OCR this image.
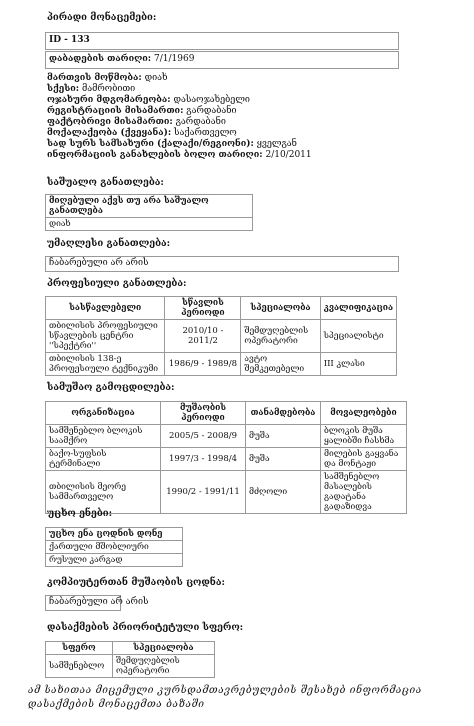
პირადი მონაცემები:
ID - 133
დაბადების თარიღი: 7/1/1969
მართვის მოწმობა: დიახ
სქესი: მამრობითი
ოჯახური მდგომარეობა: დასაოჯახებელი
რეგისტრაციის მისამართი: გარდაბანი
ფაქტობრივი მისამართი: გარდაბანი
მოქალაქეობა (ქვეყანა): საქართველო
სად სურს სამსახური (ქალაქი/რეგიონი): ყველგან
ინფორმაციის განახლების ბოლო თარიღი: 2/10/2011
საშუალო განათლება:
მიღებული აქვს თუ არა საშუალო განათლება
დიახ
უმაღლესი განათლება:
ჩაბარებული არ არის
პროფესიული განათლება:
სასწავლებელი	სწავლის პერიოდი	სპეციალობა	კვალიფიკაცია
თბილისის პროფესიული სწავლების ცენტრი ''სპექტრი''	2010/10 - 2011/2	შემდუღებლის ოპერატორი	სპეციალისტი
თბილისის 138-ე პროფესიული ტექნიკუმი	1986/9 - 1989/8	ავტო შემკეთებელი	III კლასი
სამუშაო გამოცდილება:
ორგანიზაცია	მუშაობის პერიოდი	თანამდებობა	მოვალეობები
სამშენებლო ბლოკის საამქრო	2005/5 - 2008/9	მუშა	ბლოკის მუშა ყალიბში ჩასხმა
ბაქო-სუფსის ტერმინალი	1997/3 - 1998/4	მუშა	მილების გაყვანა და მონტაჟი
თბილისის მეორე სამმართველო	1990/2 - 1991/11	მძღოლი	სამშენებლო მასალების გადატანა გადაზიდვა
უცხო ენები:
უცხო ენა ცოდნის დონე
ქართული მშობლიური
რუსული კარგად
კომპიუტერთან მუშაობის ცოდნა:
ჩაბარებული არ არის
დასაქმების პრიორიტეტული სფერო:
სფერო	სპეციალობა
სამშენებლო	შემდუღებლის ოპერატორი
ამ სახითაა მიცემული კურსდამთავრებულების შესახებ ინფორმაცია დასაქმების მონაცემთა ბაზაში
